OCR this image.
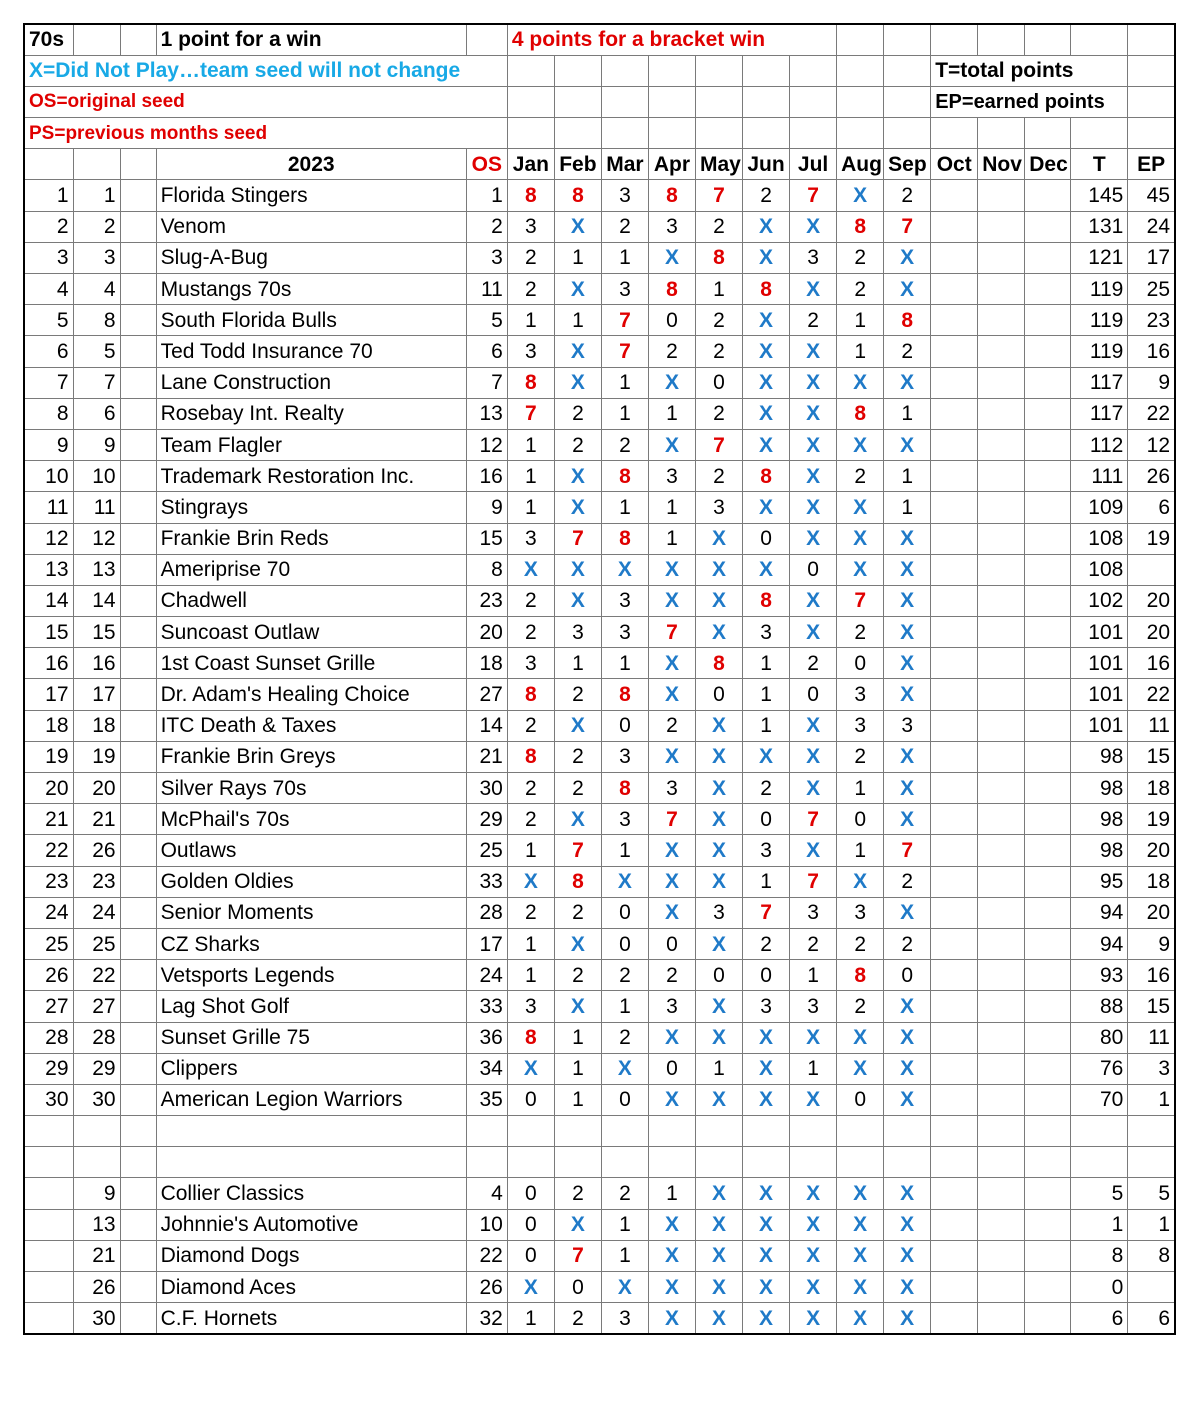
70s			1 point for a win		4 points for a bracket win													
X=Did Not Play…team seed will not change														T=total points				
OS=original seed														EP=earned points				
PS=previous months seed																		
			2023	OS	Jan	Feb	Mar	Apr	May	Jun	Jul	Aug	Sep	Oct	Nov	Dec	T	EP
1	1		Florida Stingers	1	8	8	3	8	7	2	7	X	2				145	45
2	2		Venom	2	3	X	2	3	2	X	X	8	7				131	24
3	3		Slug-A-Bug	3	2	1	1	X	8	X	3	2	X				121	17
4	4		Mustangs 70s	11	2	X	3	8	1	8	X	2	X				119	25
5	8		South Florida Bulls	5	1	1	7	0	2	X	2	1	8				119	23
6	5		Ted Todd Insurance 70	6	3	X	7	2	2	X	X	1	2				119	16
7	7		Lane Construction	7	8	X	1	X	0	X	X	X	X				117	9
8	6		Rosebay Int. Realty	13	7	2	1	1	2	X	X	8	1				117	22
9	9		Team Flagler	12	1	2	2	X	7	X	X	X	X				112	12
10	10		Trademark Restoration Inc.	16	1	X	8	3	2	8	X	2	1				111	26
11	11		Stingrays	9	1	X	1	1	3	X	X	X	1				109	6
12	12		Frankie Brin Reds	15	3	7	8	1	X	0	X	X	X				108	19
13	13		Ameriprise 70	8	X	X	X	X	X	X	0	X	X				108	
14	14		Chadwell	23	2	X	3	X	X	8	X	7	X				102	20
15	15		Suncoast Outlaw	20	2	3	3	7	X	3	X	2	X				101	20
16	16		1st Coast Sunset Grille	18	3	1	1	X	8	1	2	0	X				101	16
17	17		Dr. Adam's Healing Choice	27	8	2	8	X	0	1	0	3	X				101	22
18	18		ITC Death & Taxes	14	2	X	0	2	X	1	X	3	3				101	11
19	19		Frankie Brin Greys	21	8	2	3	X	X	X	X	2	X				98	15
20	20		Silver Rays 70s	30	2	2	8	3	X	2	X	1	X				98	18
21	21		McPhail's 70s	29	2	X	3	7	X	0	7	0	X				98	19
22	26		Outlaws	25	1	7	1	X	X	3	X	1	7				98	20
23	23		Golden Oldies	33	X	8	X	X	X	1	7	X	2				95	18
24	24		Senior Moments	28	2	2	0	X	3	7	3	3	X				94	20
25	25		CZ Sharks	17	1	X	0	0	X	2	2	2	2				94	9
26	22		Vetsports Legends	24	1	2	2	2	0	0	1	8	0				93	16
27	27		Lag Shot Golf	33	3	X	1	3	X	3	3	2	X				88	15
28	28		Sunset Grille 75	36	8	1	2	X	X	X	X	X	X				80	11
29	29		Clippers	34	X	1	X	0	1	X	1	X	X				76	3
30	30		American Legion Warriors	35	0	1	0	X	X	X	X	0	X				70	1

	9		Collier Classics	4	0	2	2	1	X	X	X	X	X				5	5
	13		Johnnie's Automotive	10	0	X	1	X	X	X	X	X	X				1	1
	21		Diamond Dogs	22	0	7	1	X	X	X	X	X	X				8	8
	26		Diamond Aces	26	X	0	X	X	X	X	X	X	X				0	
	30		C.F. Hornets	32	1	2	3	X	X	X	X	X	X				6	6
